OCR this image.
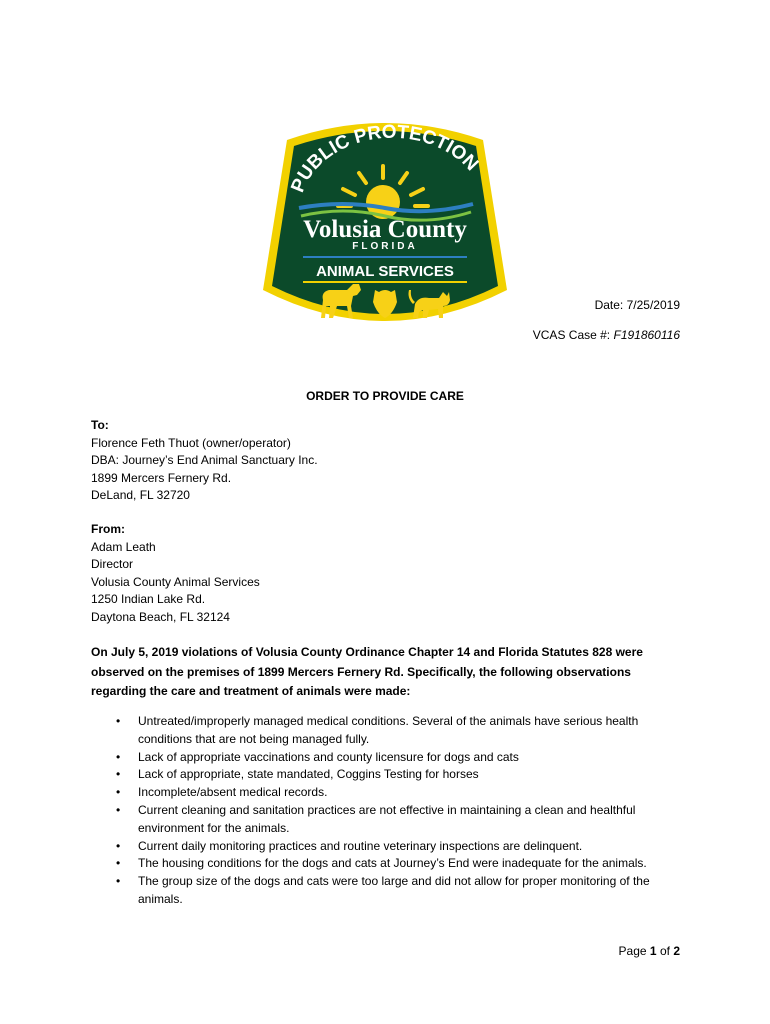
PUBLIC PROTECTION
Volusia County
FLORIDA
ANIMAL SERVICES
Date: 7/25/2019
VCAS Case #: F191860116
ORDER TO PROVIDE CARE
To:
Florence Feth Thuot (owner/operator)
DBA: Journey’s End Animal Sanctuary Inc.
1899 Mercers Fernery Rd.
DeLand, FL 32720
From:
Adam Leath
Director
Volusia County Animal Services
1250 Indian Lake Rd.
Daytona Beach, FL 32124
On July 5, 2019 violations of Volusia County Ordinance Chapter 14 and Florida Statutes 828 were
observed on the premises of 1899 Mercers Fernery Rd. Specifically, the following observations
regarding the care and treatment of animals were made:
• Untreated/improperly managed medical conditions. Several of the animals have serious health
conditions that are not being managed fully.
• Lack of appropriate vaccinations and county licensure for dogs and cats
• Lack of appropriate, state mandated, Coggins Testing for horses
• Incomplete/absent medical records.
• Current cleaning and sanitation practices are not effective in maintaining a clean and healthful
environment for the animals.
• Current daily monitoring practices and routine veterinary inspections are delinquent.
• The housing conditions for the dogs and cats at Journey’s End were inadequate for the animals.
• The group size of the dogs and cats were too large and did not allow for proper monitoring of the
animals.
Page 1 of 2
